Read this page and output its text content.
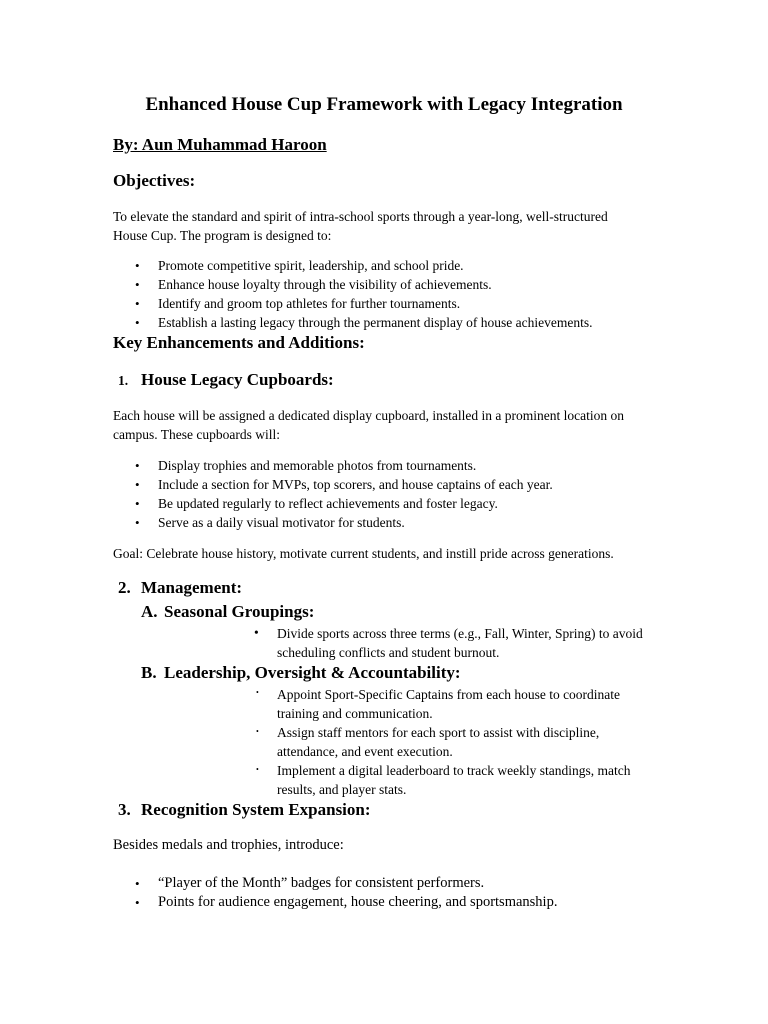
Enhanced House Cup Framework with Legacy Integration
By: Aun Muhammad Haroon
Objectives:
To elevate the standard and spirit of intra-school sports through a year-long, well-structured
House Cup. The program is designed to:
• Promote competitive spirit, leadership, and school pride.
• Enhance house loyalty through the visibility of achievements.
• Identify and groom top athletes for further tournaments.
• Establish a lasting legacy through the permanent display of house achievements.
Key Enhancements and Additions:
1. House Legacy Cupboards:
Each house will be assigned a dedicated display cupboard, installed in a prominent location on
campus. These cupboards will:
• Display trophies and memorable photos from tournaments.
• Include a section for MVPs, top scorers, and house captains of each year.
• Be updated regularly to reflect achievements and foster legacy.
• Serve as a daily visual motivator for students.
Goal: Celebrate house history, motivate current students, and instill pride across generations.
2. Management:
A. Seasonal Groupings:
• Divide sports across three terms (e.g., Fall, Winter, Spring) to avoid
scheduling conflicts and student burnout.
B. Leadership, Oversight & Accountability:
• Appoint Sport-Specific Captains from each house to coordinate
training and communication.
• Assign staff mentors for each sport to assist with discipline,
attendance, and event execution.
• Implement a digital leaderboard to track weekly standings, match
results, and player stats.
3. Recognition System Expansion:
Besides medals and trophies, introduce:
• “Player of the Month” badges for consistent performers.
• Points for audience engagement, house cheering, and sportsmanship.
